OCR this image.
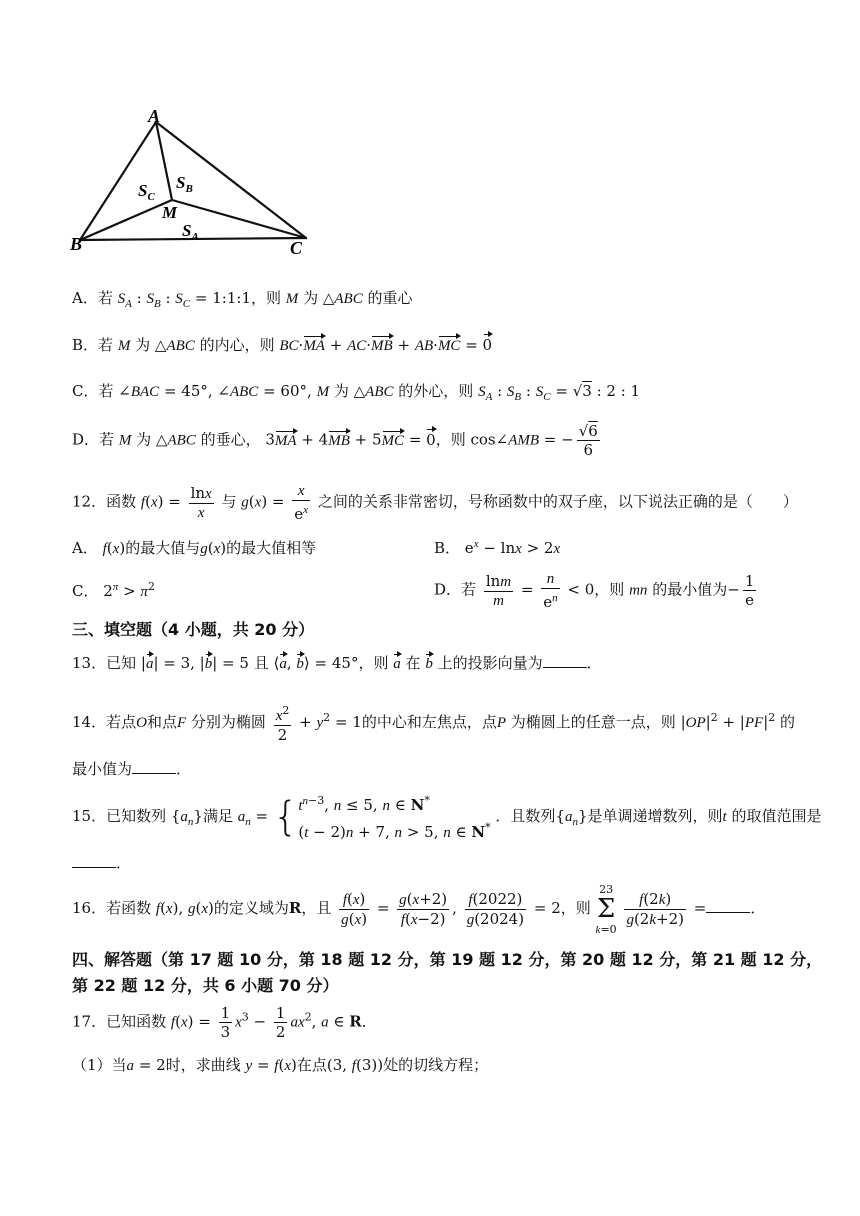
A
B	C
M
$S_C$
$S_B$
$S_A$
A．若 $S_A$ : $S_B$ : $S_C$ = 1:1:1，则 M 为 △ABC 的重心
B．若 M 为 △ABC 的内心，则 BC·MA + AC·MB + AB·MC = 0
C．若 ∠BAC = 45°, ∠ABC = 60°, M 为 △ABC 的外心，则 $S_A$ : $S_B$ : $S_C = √3$ : 2 : 1
D．若 M 为 △ABC 的垂心， 3MA + 4MB + 5MC = 0，则 cos∠AMB = − $\frac{√6}{6}$
12．函数 $f(x) = \frac{\ln x}{x}$ 与 $g(x) = \frac{x}{e^x}$ 之间的关系非常密切，号称函数中的双子座，以下说法正确的是（　　）
A． f(x)的最大值与g(x)的最大值相等	B． $e^x - \ln x > 2x$
C． $2^\pi > \pi^2$	D．若 $\frac{\ln m}{m} = \frac{n}{e^n} < 0$，则 mn 的最小值为− $\frac{1}{e}$
三、填空题（4 小题，共 20 分）
13．已知 |a| = 3, |b| = 5 且 ⟨a, b⟩ = 45°，则 a 在 b 上的投影向量为	．
14．若点O和点F 分别为椭圆 $\frac{x^2}{2} + y^2 = 1$的中心和左焦点，点P 为椭圆上的任意一点，则 $|OP|^2 + |PF|^2$ 的
最小值为	．
15．已知数列 $\{a_n\}$满足 $a_n$ = { $t^{n-3}$, n ≤ 5, n ∈ N*
(t − 2)n + 7, n > 5, n ∈ N*
．且数列$\{a_n\}$是单调递增数列，则t 的取值范围是
．
16．若函数 f(x), g(x)的定义域为R，且 $\frac{f(x)}{g(x)} = \frac{g(x+2)}{f(x-2)}$ , $\frac{f(2022)}{g(2024)} = 2$，则 23
Σ
k=0
$\frac{f(2k)}{g(2k+2)}$ =	．
四、解答题（第 17 题 10 分，第 18 题 12 分，第 19 题 12 分，第 20 题 12 分，第 21 题 12 分，
第 22 题 12 分，共 6 小题 70 分）
17．已知函数 $f(x) = \frac{1}{3} x^3 - \frac{1}{2} ax^2$, a ∈ R．
（1）当a = 2时，求曲线 y = f(x)在点(3, f(3))处的切线方程；
